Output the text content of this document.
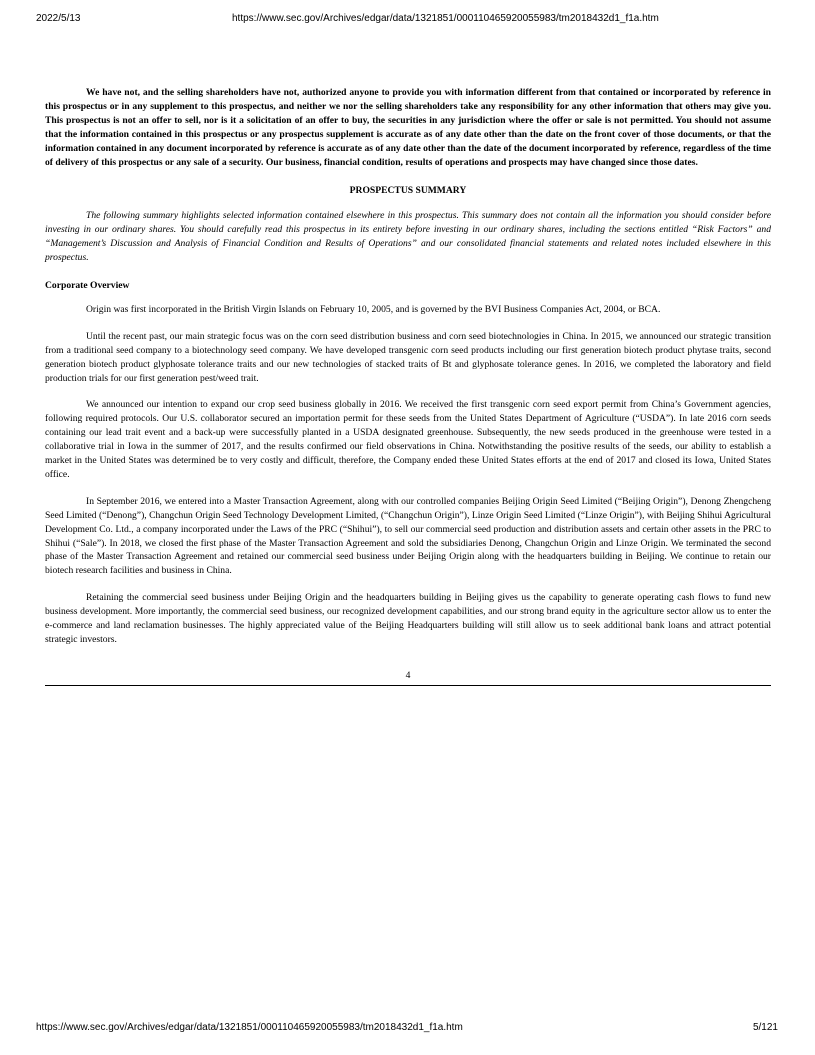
2022/5/13	https://www.sec.gov/Archives/edgar/data/1321851/000110465920055983/tm2018432d1_f1a.htm

We have not, and the selling shareholders have not, authorized anyone to provide you with information different from that contained or incorporated by reference in this prospectus or in any supplement to this prospectus, and neither we nor the selling shareholders take any responsibility for any other information that others may give you. This prospectus is not an offer to sell, nor is it a solicitation of an offer to buy, the securities in any jurisdiction where the offer or sale is not permitted. You should not assume that the information contained in this prospectus or any prospectus supplement is accurate as of any date other than the date on the front cover of those documents, or that the information contained in any document incorporated by reference is accurate as of any date other than the date of the document incorporated by reference, regardless of the time of delivery of this prospectus or any sale of a security. Our business, financial condition, results of operations and prospects may have changed since those dates.

PROSPECTUS SUMMARY

The following summary highlights selected information contained elsewhere in this prospectus. This summary does not contain all the information you should consider before investing in our ordinary shares. You should carefully read this prospectus in its entirety before investing in our ordinary shares, including the sections entitled “Risk Factors” and “Management’s Discussion and Analysis of Financial Condition and Results of Operations” and our consolidated financial statements and related notes included elsewhere in this prospectus.

Corporate Overview

Origin was first incorporated in the British Virgin Islands on February 10, 2005, and is governed by the BVI Business Companies Act, 2004, or BCA.

Until the recent past, our main strategic focus was on the corn seed distribution business and corn seed biotechnologies in China. In 2015, we announced our strategic transition from a traditional seed company to a biotechnology seed company. We have developed transgenic corn seed products including our first generation biotech product phytase traits, second generation biotech product glyphosate tolerance traits and our new technologies of stacked traits of Bt and glyphosate tolerance genes. In 2016, we completed the laboratory and field production trials for our first generation pest/weed trait.

We announced our intention to expand our crop seed business globally in 2016. We received the first transgenic corn seed export permit from China’s Government agencies, following required protocols. Our U.S. collaborator secured an importation permit for these seeds from the United States Department of Agriculture (“USDA”). In late 2016 corn seeds containing our lead trait event and a back-up were successfully planted in a USDA designated greenhouse. Subsequently, the new seeds produced in the greenhouse were tested in a collaborative trial in Iowa in the summer of 2017, and the results confirmed our field observations in China. Notwithstanding the positive results of the seeds, our ability to establish a market in the United States was determined be to very costly and difficult, therefore, the Company ended these United States efforts at the end of 2017 and closed its Iowa, United States office.

In September 2016, we entered into a Master Transaction Agreement, along with our controlled companies Beijing Origin Seed Limited (“Beijing Origin”), Denong Zhengcheng Seed Limited (“Denong”), Changchun Origin Seed Technology Development Limited, (“Changchun Origin”), Linze Origin Seed Limited (“Linze Origin”), with Beijing Shihui Agricultural Development Co. Ltd., a company incorporated under the Laws of the PRC (“Shihui”), to sell our commercial seed production and distribution assets and certain other assets in the PRC to Shihui (“Sale”). In 2018, we closed the first phase of the Master Transaction Agreement and sold the subsidiaries Denong, Changchun Origin and Linze Origin. We terminated the second phase of the Master Transaction Agreement and retained our commercial seed business under Beijing Origin along with the headquarters building in Beijing. We continue to retain our biotech research facilities and business in China.

Retaining the commercial seed business under Beijing Origin and the headquarters building in Beijing gives us the capability to generate operating cash flows to fund new business development. More importantly, the commercial seed business, our recognized development capabilities, and our strong brand equity in the agriculture sector allow us to enter the e-commerce and land reclamation businesses. The highly appreciated value of the Beijing Headquarters building will still allow us to seek additional bank loans and attract potential strategic investors.

4
https://www.sec.gov/Archives/edgar/data/1321851/000110465920055983/tm2018432d1_f1a.htm	5/121
